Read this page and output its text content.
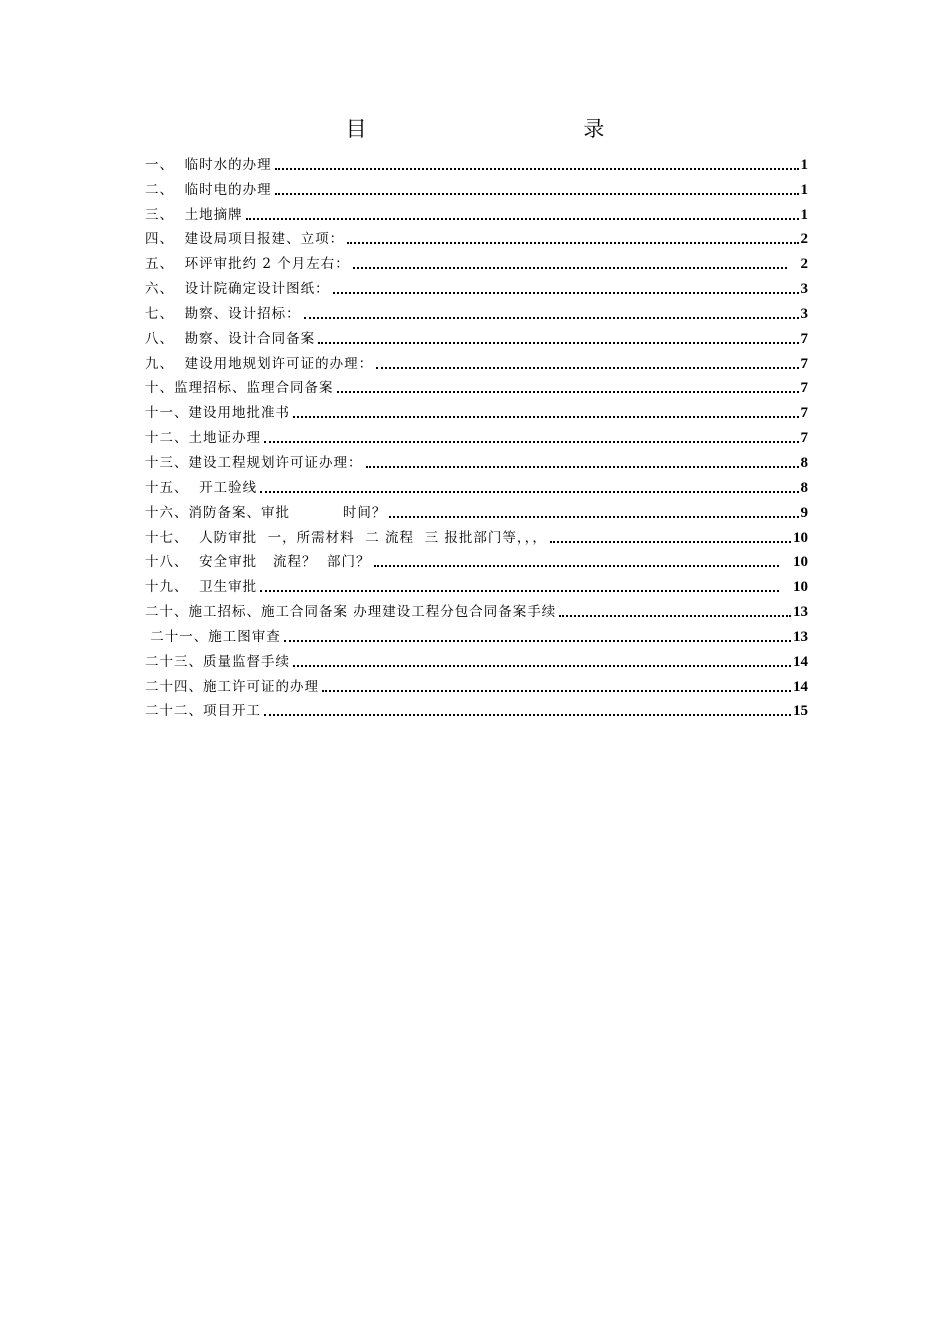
目    录
一、  临时水的办理	1
二、  临时电的办理	1
三、  土地摘牌	1
四、  建设局项目报建、立项：	2
五、  环评审批约 2 个月左右：	2
六、  设计院确定设计图纸：	3
七、  勘察、设计招标：	3
八、  勘察、设计合同备案	7
九、  建设用地规划许可证的办理：	7
十、监理招标、监理合同备案	7
十一、建设用地批准书	7
十二、土地证办理	7
十三、建设工程规划许可证办理：	8
十五、  开工验线	8
十六、消防备案、审批          时间？	9
十七、  人防审批  一，所需材料  二 流程  三 报批部门等，，，	10
十八、  安全审批   流程？  部门？	10
十九、  卫生审批	10
二十、施工招标、施工合同备案 办理建设工程分包合同备案手续	13
二十一、施工图审查	13
二十三、质量监督手续	14
二十四、施工许可证的办理	14
二十二、项目开工	15
